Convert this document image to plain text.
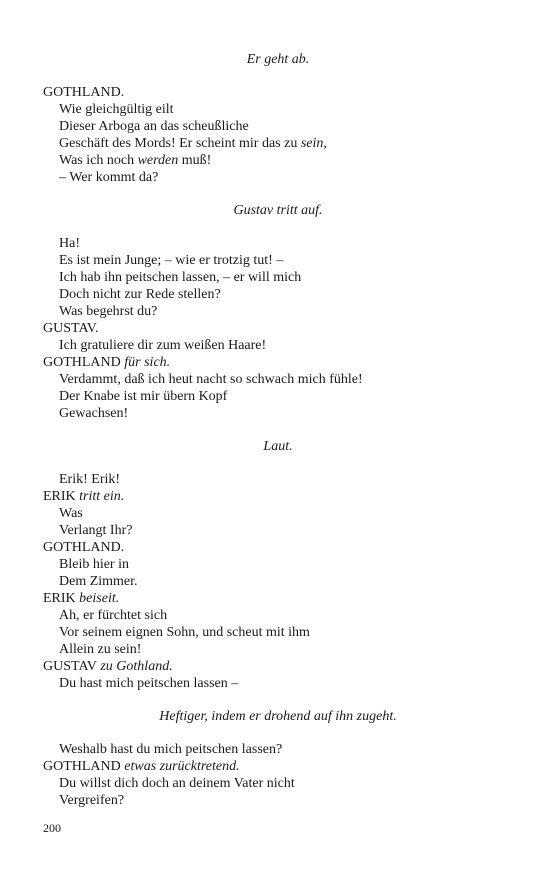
Er geht ab.
GOTHLAND.
Wie gleichgültig eilt
Dieser Arboga an das scheußliche
Geschäft des Mords! Er scheint mir das zu sein,
Was ich noch werden muß!
– Wer kommt da?
Gustav tritt auf.
Ha!
Es ist mein Junge; – wie er trotzig tut! –
Ich hab ihn peitschen lassen, – er will mich
Doch nicht zur Rede stellen?
Was begehrst du?
GUSTAV.
Ich gratuliere dir zum weißen Haare!
GOTHLAND für sich.
Verdammt, daß ich heut nacht so schwach mich fühle!
Der Knabe ist mir übern Kopf
Gewachsen!
Laut.
Erik! Erik!
ERIK tritt ein.
Was
Verlangt Ihr?
GOTHLAND.
Bleib hier in
Dem Zimmer.
ERIK beiseit.
Ah, er fürchtet sich
Vor seinem eignen Sohn, und scheut mit ihm
Allein zu sein!
GUSTAV zu Gothland.
Du hast mich peitschen lassen –
Heftiger, indem er drohend auf ihn zugeht.
Weshalb hast du mich peitschen lassen?
GOTHLAND etwas zurücktretend.
Du willst dich doch an deinem Vater nicht
Vergreifen?
200
